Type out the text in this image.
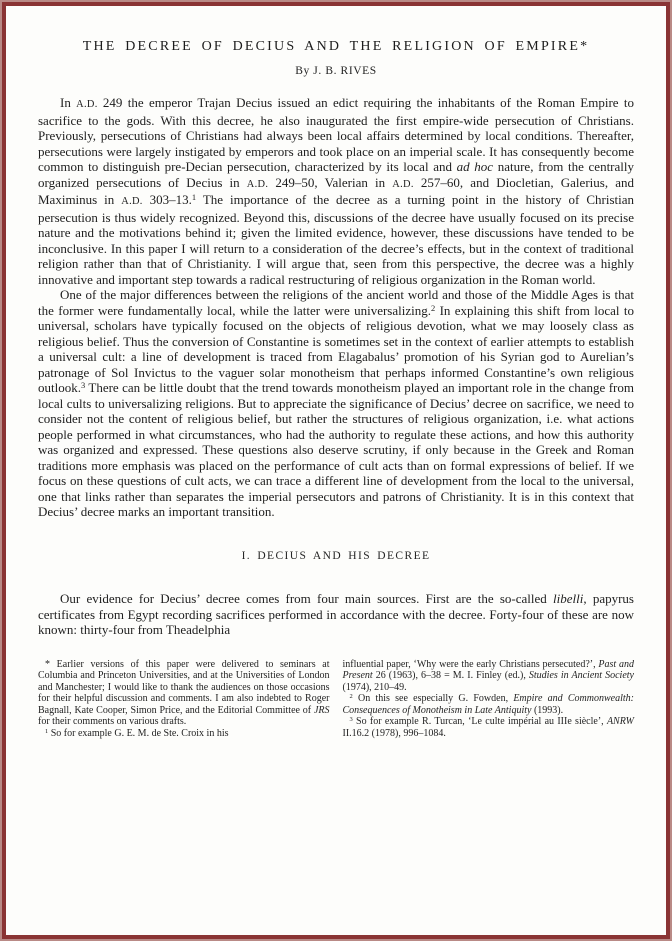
THE DECREE OF DECIUS AND THE RELIGION OF EMPIRE*
By J. B. RIVES

In A.D. 249 the emperor Trajan Decius issued an edict requiring the inhabitants of the Roman Empire to sacrifice to the gods. With this decree, he also inaugurated the first empire-wide persecution of Christians. Previously, persecutions of Christians had always been local affairs determined by local conditions. Thereafter, persecutions were largely instigated by emperors and took place on an imperial scale. It has consequently become common to distinguish pre-Decian persecution, characterized by its local and ad hoc nature, from the centrally organized persecutions of Decius in A.D. 249–50, Valerian in A.D. 257–60, and Diocletian, Galerius, and Maximinus in A.D. 303–13.$^1$ The importance of the decree as a turning point in the history of Christian persecution is thus widely recognized. Beyond this, discussions of the decree have usually focused on its precise nature and the motivations behind it; given the limited evidence, however, these discussions have tended to be inconclusive. In this paper I will return to a consideration of the decree’s effects, but in the context of traditional religion rather than that of Christianity. I will argue that, seen from this perspective, the decree was a highly innovative and important step towards a radical restructuring of religious organization in the Roman world.

One of the major differences between the religions of the ancient world and those of the Middle Ages is that the former were fundamentally local, while the latter were universalizing.$^2$ In explaining this shift from local to universal, scholars have typically focused on the objects of religious devotion, what we may loosely class as religious belief. Thus the conversion of Constantine is sometimes set in the context of earlier attempts to establish a universal cult: a line of development is traced from Elagabalus’ promotion of his Syrian god to Aurelian’s patronage of Sol Invictus to the vaguer solar monotheism that perhaps informed Constantine’s own religious outlook.$^3$ There can be little doubt that the trend towards monotheism played an important role in the change from local cults to universalizing religions. But to appreciate the significance of Decius’ decree on sacrifice, we need to consider not the content of religious belief, but rather the structures of religious organization, i.e. what actions people performed in what circumstances, who had the authority to regulate these actions, and how this authority was organized and expressed. These questions also deserve scrutiny, if only because in the Greek and Roman traditions more emphasis was placed on the performance of cult acts than on formal expressions of belief. If we focus on these questions of cult acts, we can trace a different line of development from the local to the universal, one that links rather than separates the imperial persecutors and patrons of Christianity. It is in this context that Decius’ decree marks an important transition.

I. DECIUS AND HIS DECREE

Our evidence for Decius’ decree comes from four main sources. First are the so-called libelli, papyrus certificates from Egypt recording sacrifices performed in accordance with the decree. Forty-four of these are now known: thirty-four from Theadelphia

* Earlier versions of this paper were delivered to seminars at Columbia and Princeton Universities, and at the Universities of London and Manchester; I would like to thank the audiences on those occasions for their helpful discussion and comments. I am also indebted to Roger Bagnall, Kate Cooper, Simon Price, and the Editorial Committee of JRS for their comments on various drafts.

$^1$ So for example G. E. M. de Ste. Croix in his

influential paper, ‘Why were the early Christians persecuted?’, Past and Present 26 (1963), 6–38 = M. I. Finley (ed.), Studies in Ancient Society (1974), 210–49.

$^2$ On this see especially G. Fowden, Empire and Commonwealth: Consequences of Monotheism in Late Antiquity (1993).

$^3$ So for example R. Turcan, ‘Le culte impérial au IIIe siècle’, ANRW II.16.2 (1978), 996–1084.
